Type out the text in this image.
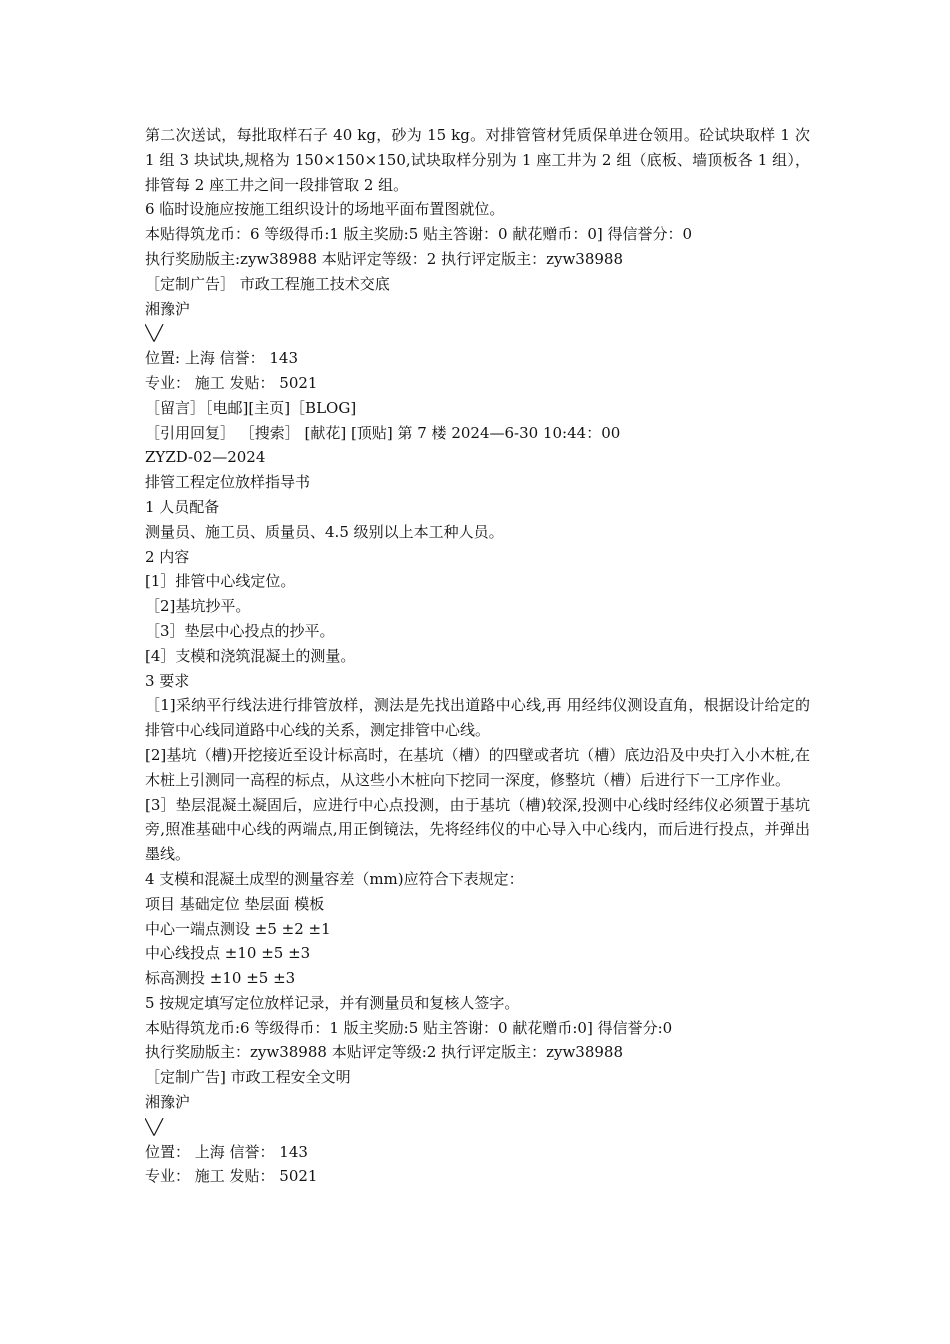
第二次送试，每批取样石子 40 kg，砂为 15 kg。对排管管材凭质保单进仓领用。砼试块取样 1 次 1 组 3 块试块,规格为 150×150×150,试块取样分别为 1 座工井为 2 组（底板、墙顶板各 1 组），排管每 2 座工井之间一段排管取 2 组。

6 临时设施应按施工组织设计的场地平面布置图就位。

本贴得筑龙币：6 等级得币:1 版主奖励:5 贴主答谢：0 献花赠币：0] 得信誉分：0

执行奖励版主:zyw38988 本贴评定等级：2 执行评定版主：zyw38988

［定制广告］ 市政工程施工技术交底

湘豫沪

╲╱

位置: 上海 信誉： 143

专业： 施工 发贴： 5021

［留言］［电邮][主页]［BLOG]

［引用回复］ ［搜索］ [献花] [顶贴] 第 7 楼 2024—6-30 10:44：00

ZYZD-02—2024

排管工程定位放样指导书

1 人员配备

测量员、施工员、质量员、4.5 级别以上本工种人员。

2 内容

[1］排管中心线定位。

［2]基坑抄平。

［3］垫层中心投点的抄平。

[4］支模和浇筑混凝土的测量。

3 要求

［1]采纳平行线法进行排管放样，测法是先找出道路中心线,再 用经纬仪测设直角，根据设计给定的排管中心线同道路中心线的关系，测定排管中心线。

[2]基坑（槽)开挖接近至设计标高时，在基坑（槽）的四壁或者坑（槽）底边沿及中央打入小木桩,在木桩上引测同一高程的标点，从这些小木桩向下挖同一深度，修整坑（槽）后进行下一工序作业。

[3］垫层混凝土凝固后，应进行中心点投测，由于基坑（槽)较深,投测中心线时经纬仪必须置于基坑旁,照准基础中心线的两端点,用正倒镜法，先将经纬仪的中心导入中心线内，而后进行投点，并弹出墨线。

4 支模和混凝土成型的测量容差（mm)应符合下表规定：

项目 基础定位 垫层面 模板

中心一端点测设 ±5 ±2 ±1

中心线投点 ±10 ±5 ±3

标高测投 ±10 ±5 ±3

5 按规定填写定位放样记录，并有测量员和复核人签字。

本贴得筑龙币:6 等级得币：1 版主奖励:5 贴主答谢：0 献花赠币:0] 得信誉分:0

执行奖励版主：zyw38988 本贴评定等级:2 执行评定版主：zyw38988

［定制广告] 市政工程安全文明

湘豫沪

╲╱

位置： 上海 信誉： 143

专业： 施工 发贴： 5021
